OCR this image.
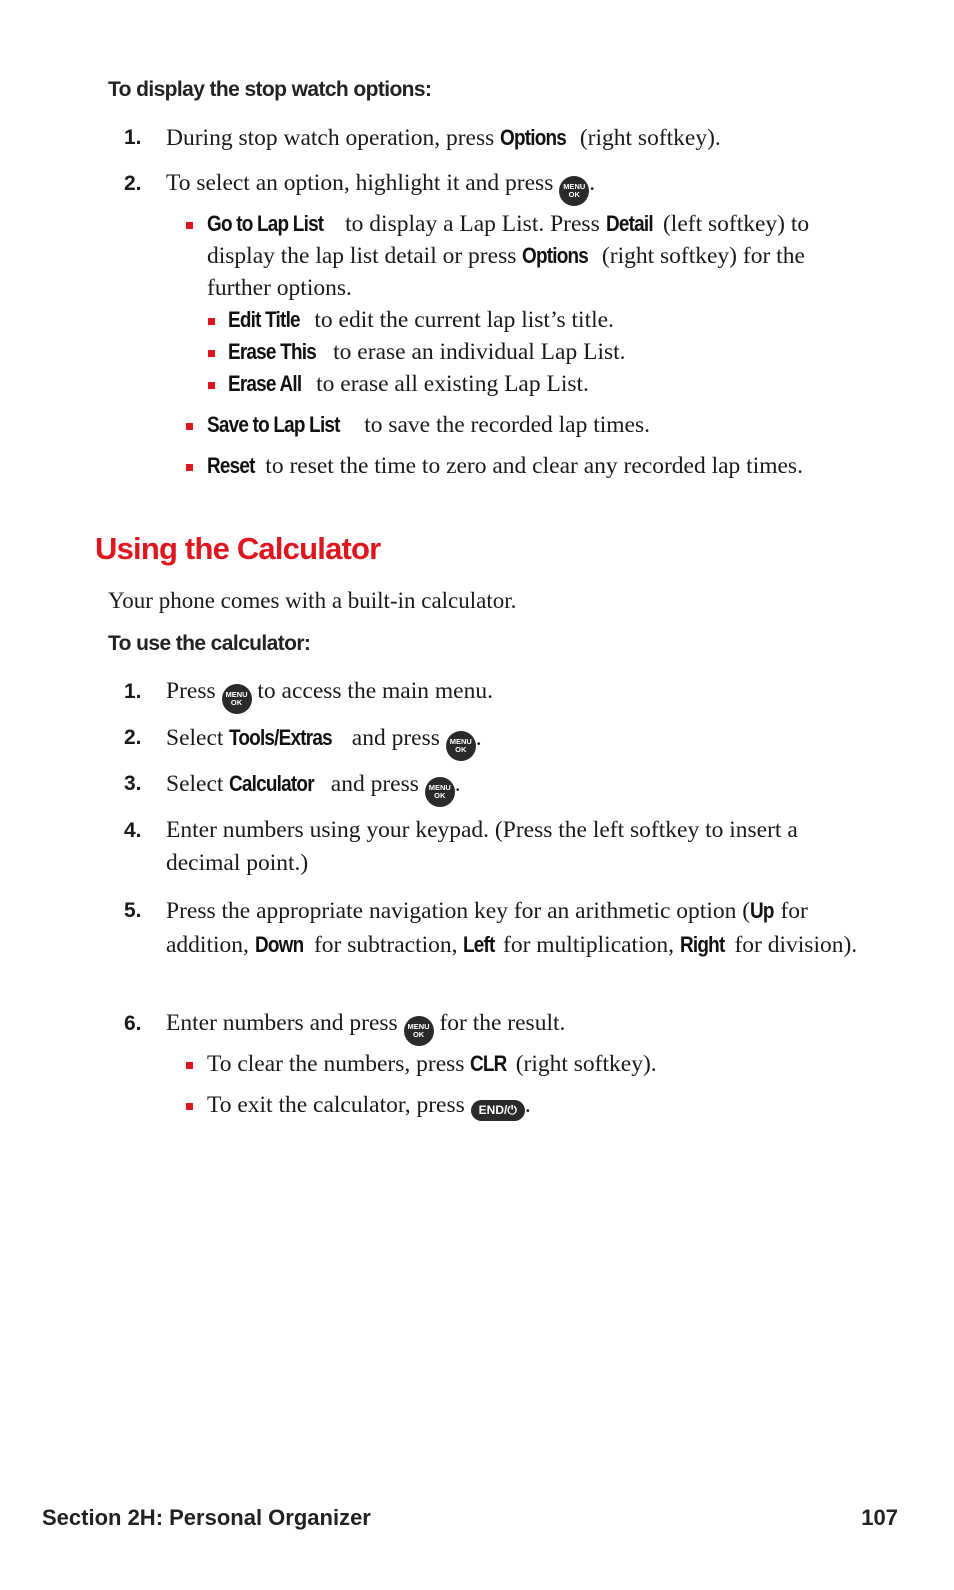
To display the stop watch options:
1. During stop watch operation, press Options (right softkey).
2. To select an option, highlight it and press MENU
OK .
Go to Lap List to display a Lap List. Press Detail (left softkey) to display the lap list detail or press Options (right softkey) for the further options.
Edit Title to edit the current lap list’s title.
Erase This to erase an individual Lap List.
Erase All to erase all existing Lap List.
Save to Lap List to save the recorded lap times.
Reset to reset the time to zero and clear any recorded lap times.
Using the Calculator
Your phone comes with a built-in calculator.
To use the calculator:
1. Press MENU
OK to access the main menu.
2. Select Tools/Extras and press MENU
OK .
3. Select Calculator and press MENU
OK .
4. Enter numbers using your keypad. (Press the left softkey to insert a decimal point.)
5. Press the appropriate navigation key for an arithmetic option (Up for addition, Down for subtraction, Left for multiplication, Right for division).
6. Enter numbers and press MENU
OK for the result.
To clear the numbers, press CLR (right softkey).
To exit the calculator, press END/⏻ .
Section 2H: Personal Organizer	107
